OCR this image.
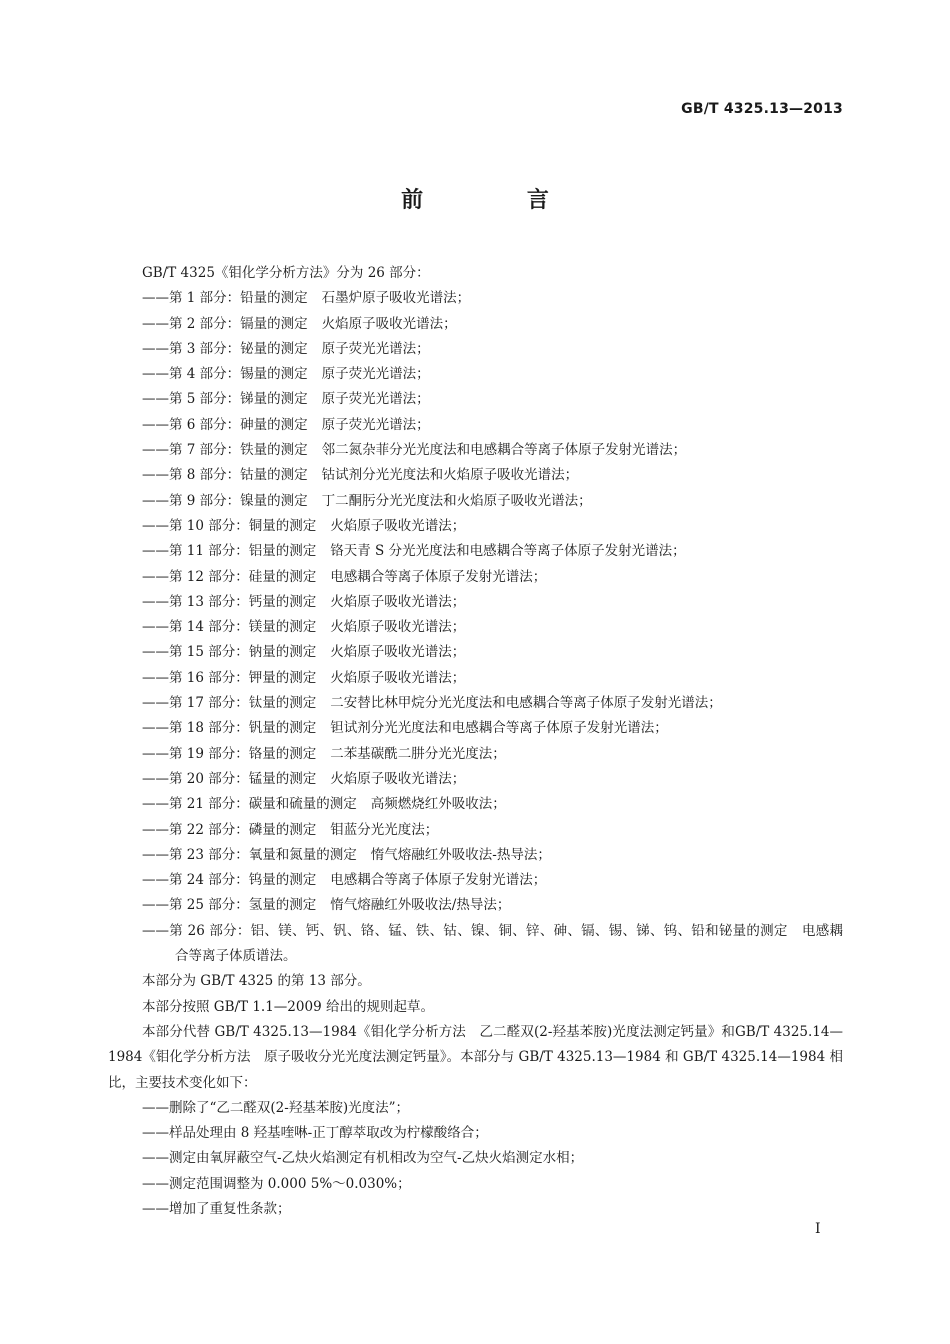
GB/T 4325.13—2013
前 言

GB/T 4325《钼化学分析方法》分为 26 部分：

——第 1 部分：铅量的测定 石墨炉原子吸收光谱法；

——第 2 部分：镉量的测定 火焰原子吸收光谱法；

——第 3 部分：铋量的测定 原子荧光光谱法；

——第 4 部分：锡量的测定 原子荧光光谱法；

——第 5 部分：锑量的测定 原子荧光光谱法；

——第 6 部分：砷量的测定 原子荧光光谱法；

——第 7 部分：铁量的测定 邻二氮杂菲分光光度法和电感耦合等离子体原子发射光谱法；

——第 8 部分：钴量的测定 钴试剂分光光度法和火焰原子吸收光谱法；

——第 9 部分：镍量的测定 丁二酮肟分光光度法和火焰原子吸收光谱法；

——第 10 部分：铜量的测定 火焰原子吸收光谱法；

——第 11 部分：铝量的测定 铬天青 S 分光光度法和电感耦合等离子体原子发射光谱法；

——第 12 部分：硅量的测定 电感耦合等离子体原子发射光谱法；

——第 13 部分：钙量的测定 火焰原子吸收光谱法；

——第 14 部分：镁量的测定 火焰原子吸收光谱法；

——第 15 部分：钠量的测定 火焰原子吸收光谱法；

——第 16 部分：钾量的测定 火焰原子吸收光谱法；

——第 17 部分：钛量的测定 二安替比林甲烷分光光度法和电感耦合等离子体原子发射光谱法；

——第 18 部分：钒量的测定 钽试剂分光光度法和电感耦合等离子体原子发射光谱法；

——第 19 部分：铬量的测定 二苯基碳酰二肼分光光度法；

——第 20 部分：锰量的测定 火焰原子吸收光谱法；

——第 21 部分：碳量和硫量的测定 高频燃烧红外吸收法；

——第 22 部分：磷量的测定 钼蓝分光光度法；

——第 23 部分：氧量和氮量的测定 惰气熔融红外吸收法-热导法；

——第 24 部分：钨量的测定 电感耦合等离子体原子发射光谱法；

——第 25 部分：氢量的测定 惰气熔融红外吸收法/热导法；

——第 26 部分：铝、镁、钙、钒、铬、锰、铁、钴、镍、铜、锌、砷、镉、锡、锑、钨、铅和铋量的测定 电感耦合等离子体质谱法。

本部分为 GB/T 4325 的第 13 部分。

本部分按照 GB/T 1.1—2009 给出的规则起草。

本部分代替 GB/T 4325.13—1984《钼化学分析方法　乙二醛双(2-羟基苯胺)光度法测定钙量》和GB/T 4325.14—1984《钼化学分析方法　原子吸收分光光度法测定钙量》。本部分与 GB/T 4325.13—1984 和 GB/T 4325.14—1984 相比，主要技术变化如下：

——删除了“乙二醛双(2-羟基苯胺)光度法”；

——样品处理由 8 羟基喹啉-正丁醇萃取改为柠檬酸络合；

——测定由氧屏蔽空气-乙炔火焰测定有机相改为空气-乙炔火焰测定水相；

——测定范围调整为 0.000 5%～0.030%；

——增加了重复性条款；

I
